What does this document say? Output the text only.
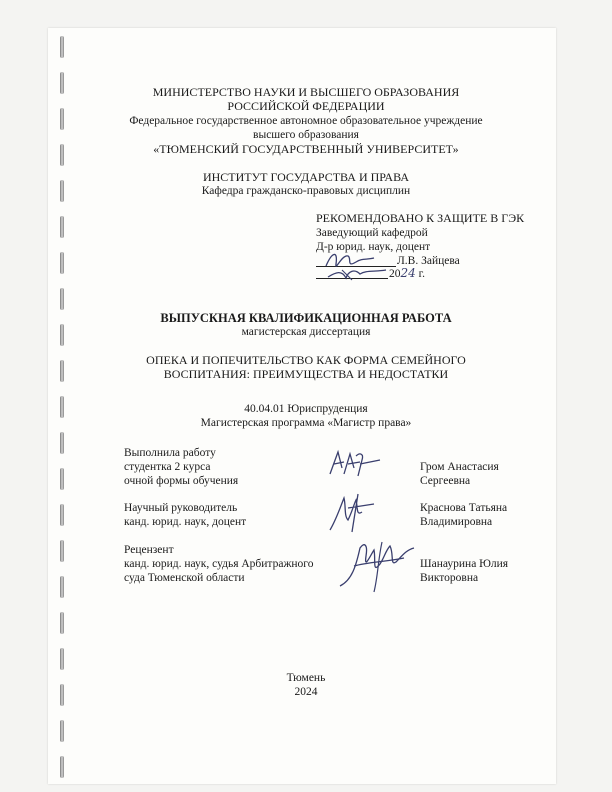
МИНИСТЕРСТВО НАУКИ И ВЫСШЕГО ОБРАЗОВАНИЯ
РОССИЙСКОЙ ФЕДЕРАЦИИ
Федеральное государственное автономное образовательное учреждение
высшего образования
«ТЮМЕНСКИЙ ГОСУДАРСТВЕННЫЙ УНИВЕРСИТЕТ»
ИНСТИТУТ ГОСУДАРСТВА И ПРАВА
Кафедра гражданско-правовых дисциплин
РЕКОМЕНДОВАНО К ЗАЩИТЕ В ГЭК
Заведующий кафедрой
Д-р юрид. наук, доцент
Л.В. Зайцева
2024 г.
ВЫПУСКНАЯ КВАЛИФИКАЦИОННАЯ РАБОТА
магистерская диссертация
ОПЕКА И ПОПЕЧИТЕЛЬСТВО КАК ФОРМА СЕМЕЙНОГО
ВОСПИТАНИЯ: ПРЕИМУЩЕСТВА И НЕДОСТАТКИ
40.04.01 Юриспруденция
Магистерская программа «Магистр права»
Выполнила работу
студентка 2 курса
очной формы обучения
Гром Анастасия
Сергеевна
Научный руководитель
канд. юрид. наук, доцент
Краснова Татьяна
Владимировна
Рецензент
канд. юрид. наук, судья Арбитражного
суда Тюменской области
Шанаурина Юлия
Викторовна
Тюмень
2024
